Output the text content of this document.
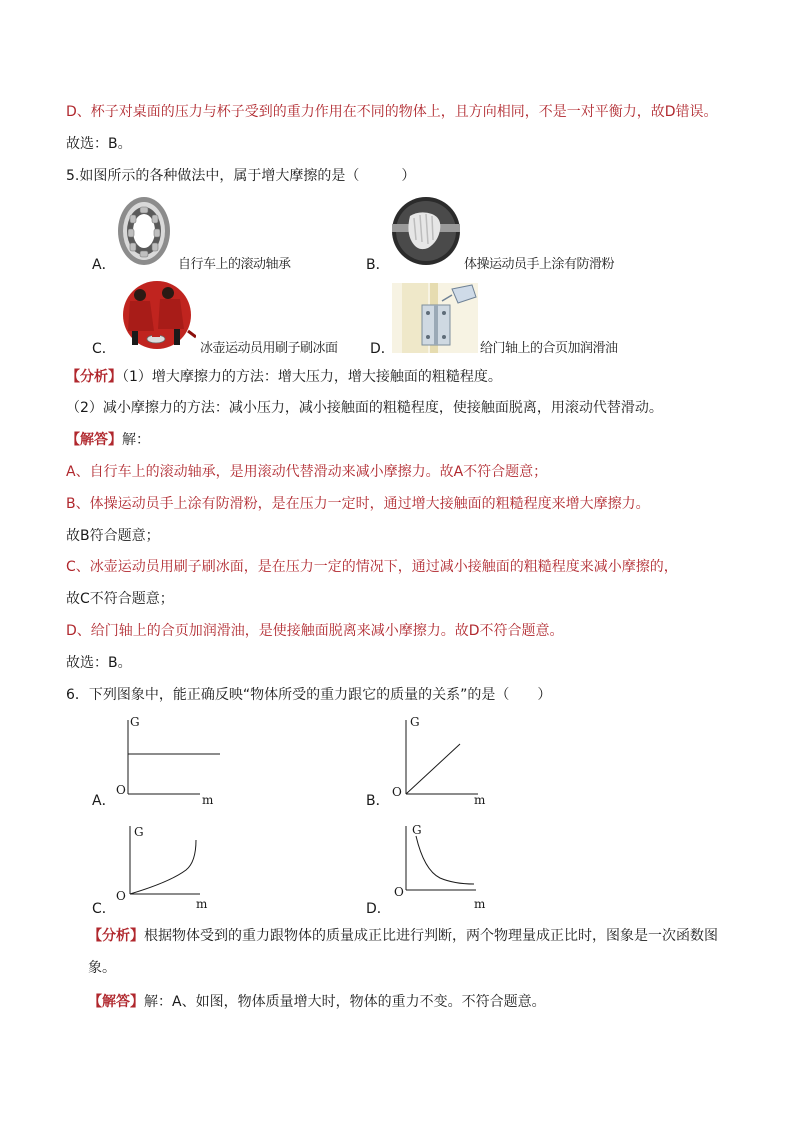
D、杯子对桌面的压力与杯子受到的重力作用在不同的物体上，且方向相同，不是一对平衡力，故D错误。
故选：B。
5.如图所示的各种做法中，属于增大摩擦的是（　　　）
A．	自行车上的滚动轴承	B．	体操运动员手上涂有防滑粉
C．	冰壶运动员用刷子刷冰面 D．	给门轴上的合页加润滑油
【分析】（1）增大摩擦力的方法：增大压力，增大接触面的粗糙程度。
（2）减小摩擦力的方法：减小压力，减小接触面的粗糙程度，使接触面脱离，用滚动代替滑动。
【解答】解：
A、自行车上的滚动轴承，是用滚动代替滑动来减小摩擦力。故A不符合题意；
B、体操运动员手上涂有防滑粉，是在压力一定时，通过增大接触面的粗糙程度来增大摩擦力。
故B符合题意；
C、冰壶运动员用刷子刷冰面，是在压力一定的情况下，通过减小接触面的粗糙程度来减小摩擦的，
故C不符合题意；
D、给门轴上的合页加润滑油，是使接触面脱离来减小摩擦力。故D不符合题意。
故选：B。
6．下列图象中，能正确反映“物体所受的重力跟它的质量的关系”的是（　　）
G
O
m
A．
G
O
m
B．
G
O
m
C．
G
O
m
D．
【分析】根据物体受到的重力跟物体的质量成正比进行判断，两个物理量成正比时，图象是一次函数图
象。
【解答】解：A、如图，物体质量增大时，物体的重力不变。不符合题意。
